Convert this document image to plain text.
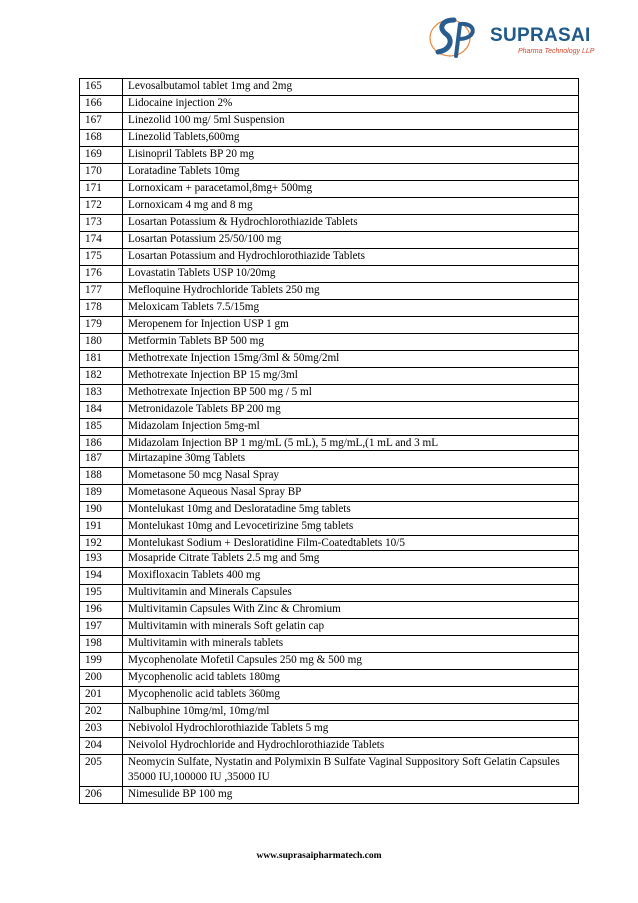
SUPRASAI
Pharma Technology LLP
165	Levosalbutamol tablet 1mg and 2mg
166	Lidocaine injection 2%
167	Linezolid 100 mg/ 5ml Suspension
168	Linezolid Tablets,600mg
169	Lisinopril Tablets BP 20 mg
170	Loratadine Tablets 10mg
171	Lornoxicam + paracetamol,8mg+ 500mg
172	Lornoxicam 4 mg and 8 mg
173	Losartan Potassium & Hydrochlorothiazide Tablets
174	Losartan Potassium 25/50/100 mg
175	Losartan Potassium and Hydrochlorothiazide Tablets
176	Lovastatin Tablets USP 10/20mg
177	Mefloquine Hydrochloride Tablets 250 mg
178	Meloxicam Tablets 7.5/15mg
179	Meropenem for Injection USP 1 gm
180	Metformin Tablets BP 500 mg
181	Methotrexate Injection 15mg/3ml & 50mg/2ml
182	Methotrexate Injection BP 15 mg/3ml
183	Methotrexate Injection BP 500 mg / 5 ml
184	Metronidazole Tablets BP 200 mg
185	Midazolam Injection 5mg-ml
186	Midazolam Injection BP 1 mg/mL (5 mL), 5 mg/mL,(1 mL and 3 mL
187	Mirtazapine 30mg Tablets
188	Mometasone 50 mcg Nasal Spray
189	Mometasone Aqueous Nasal Spray BP
190	Montelukast 10mg and Desloratadine 5mg tablets
191	Montelukast 10mg and Levocetirizine 5mg tablets
192	Montelukast Sodium + Desloratidine Film-Coatedtablets 10/5
193	Mosapride Citrate Tablets 2.5 mg and 5mg
194	Moxifloxacin Tablets 400 mg
195	Multivitamin and Minerals Capsules
196	Multivitamin Capsules With Zinc & Chromium
197	Multivitamin with minerals Soft gelatin cap
198	Multivitamin with minerals tablets
199	Mycophenolate Mofetil Capsules 250 mg & 500 mg
200	Mycophenolic acid tablets 180mg
201	Mycophenolic acid tablets 360mg
202	Nalbuphine 10mg/ml, 10mg/ml
203	Nebivolol Hydrochlorothiazide Tablets 5 mg
204	Neivolol Hydrochloride and Hydrochlorothiazide Tablets
205	Neomycin Sulfate, Nystatin and Polymixin B Sulfate Vaginal Suppository Soft Gelatin Capsules 35000 IU,100000 IU ,35000 IU
206	Nimesulide BP 100 mg
www.suprasaipharmatech.com
